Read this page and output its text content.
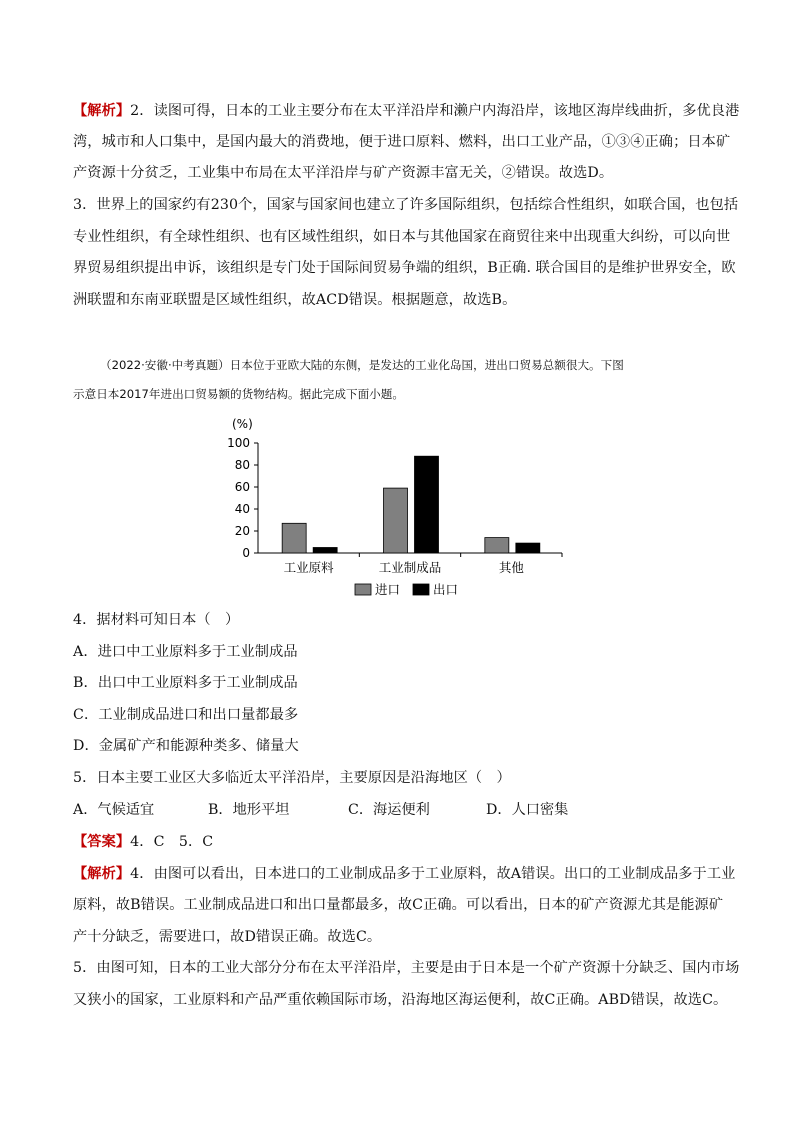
【解析】2．读图可得，日本的工业主要分布在太平洋沿岸和濑户内海沿岸，该地区海岸线曲折，多优良港
湾，城市和人口集中，是国内最大的消费地，便于进口原料、燃料，出口工业产品，①③④正确；日本矿
产资源十分贫乏，工业集中布局在太平洋沿岸与矿产资源丰富无关，②错误。故选D。
3．世界上的国家约有230个，国家与国家间也建立了许多国际组织，包括综合性组织，如联合国，也包括
专业性组织，有全球性组织、也有区域性组织，如日本与其他国家在商贸往来中出现重大纠纷，可以向世
界贸易组织提出申诉，该组织是专门处于国际间贸易争端的组织，B正确. 联合国目的是维护世界安全，欧
洲联盟和东南亚联盟是区域性组织，故ACD错误。根据题意，故选B。
（2022·安徽·中考真题）日本位于亚欧大陆的东侧，是发达的工业化岛国，进出口贸易总额很大。下图
示意日本2017年进出口贸易额的货物结构。据此完成下面小题。
(%)
100
80
60
40
20
0
工业原料	工业制成品	其他
进口	出口
4．据材料可知日本（　）
A．进口中工业原料多于工业制成品
B．出口中工业原料多于工业制成品
C．工业制成品进口和出口量都最多
D．金属矿产和能源种类多、储量大
5．日本主要工业区大多临近太平洋沿岸，主要原因是沿海地区（　）
A．气候适宜	B．地形平坦	C．海运便利	D．人口密集
【答案】4．C　5．C
【解析】4．由图可以看出，日本进口的工业制成品多于工业原料，故A错误。出口的工业制成品多于工业
原料，故B错误。工业制成品进口和出口量都最多，故C正确。可以看出，日本的矿产资源尤其是能源矿
产十分缺乏，需要进口，故D错误正确。故选C。
5．由图可知，日本的工业大部分分布在太平洋沿岸，主要是由于日本是一个矿产资源十分缺乏、国内市场
又狭小的国家，工业原料和产品严重依赖国际市场，沿海地区海运便利，故C正确。ABD错误，故选C。
